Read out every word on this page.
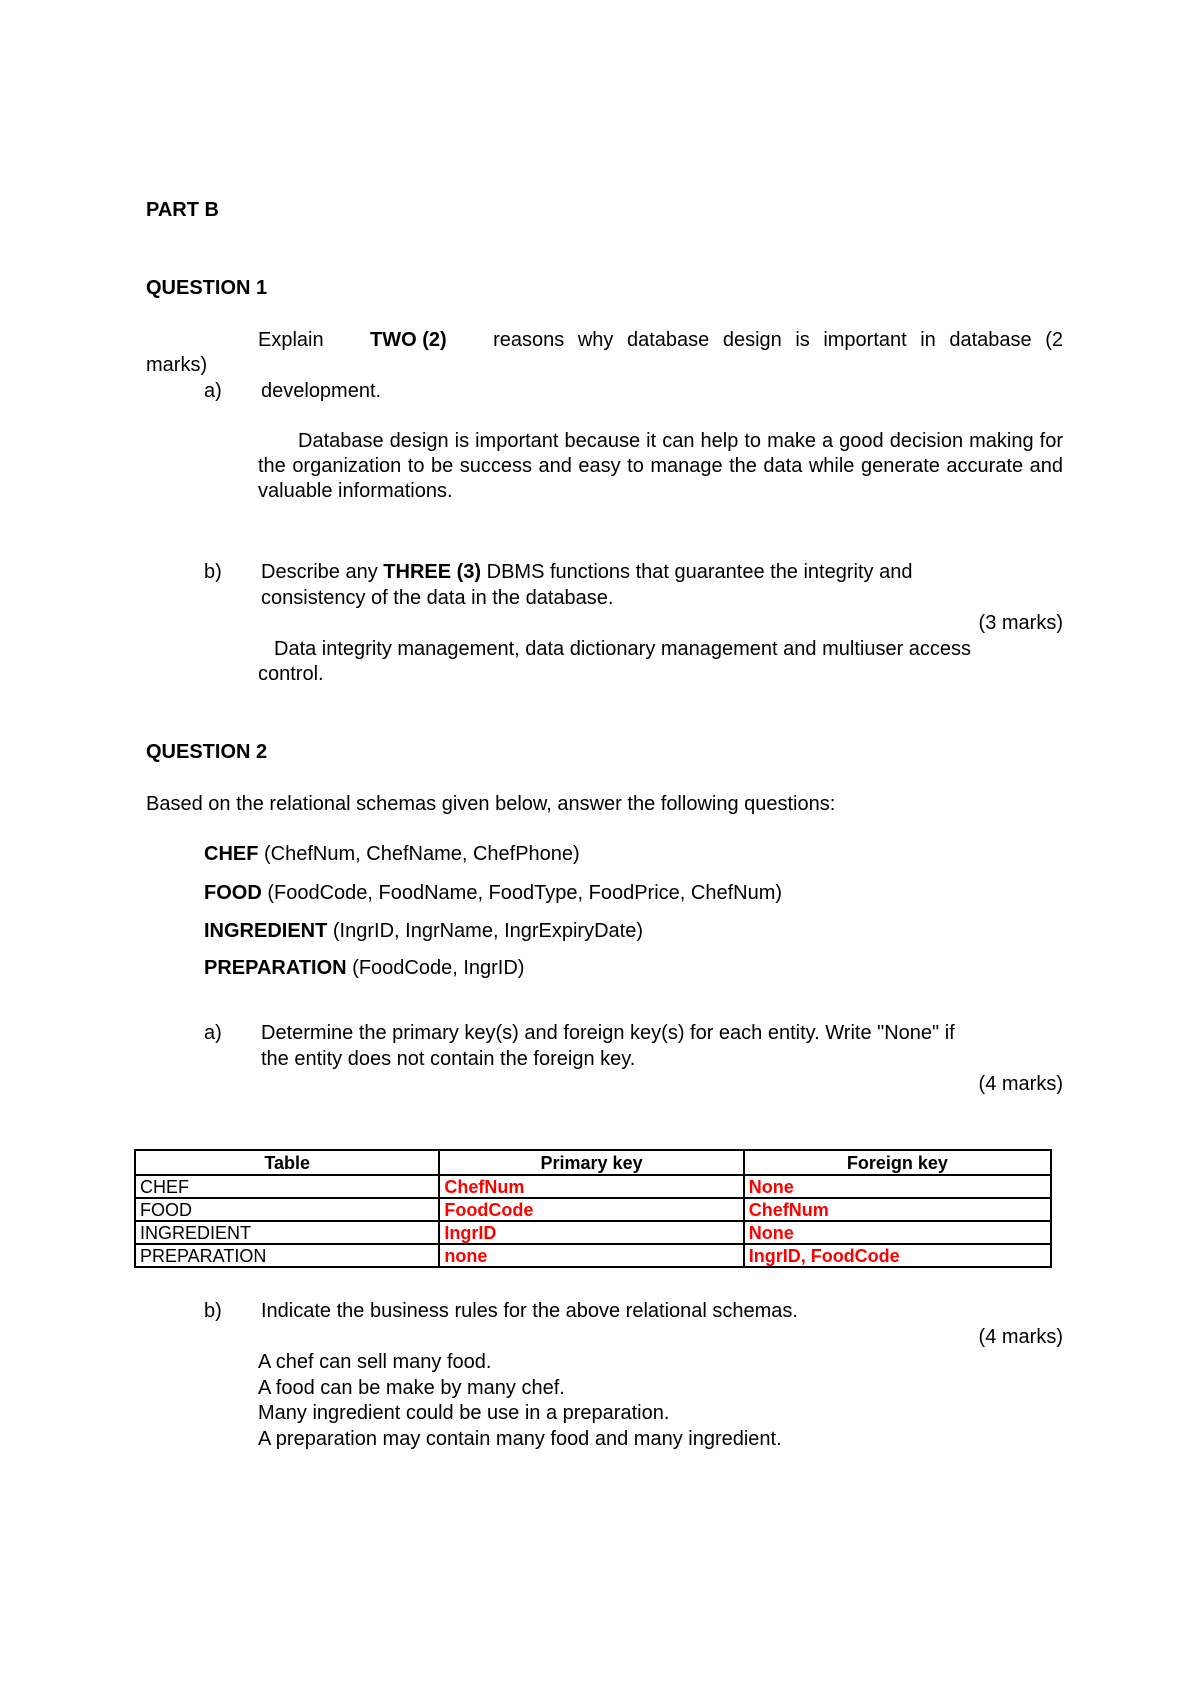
PART B
QUESTION 1
Explain TWO (2) reasons why database design is important in database (2
marks)
a) development.
Database design is important because it can help to make a good decision making for the organization to be success and easy to manage the data while generate accurate and valuable informations.
b) Describe any THREE (3) DBMS functions that guarantee the integrity and
consistency of the data in the database.
(3 marks)
Data integrity management, data dictionary management and multiuser access
control.
QUESTION 2
Based on the relational schemas given below, answer the following questions:
CHEF (ChefNum, ChefName, ChefPhone)
FOOD (FoodCode, FoodName, FoodType, FoodPrice, ChefNum)
INGREDIENT (IngrID, IngrName, IngrExpiryDate)
PREPARATION (FoodCode, IngrID)
a) Determine the primary key(s) and foreign key(s) for each entity. Write "None" if
the entity does not contain the foreign key.
(4 marks)
Table	Primary key	Foreign key
CHEF	ChefNum	None
FOOD	FoodCode	ChefNum
INGREDIENT	IngrID	None
PREPARATION	none	IngrID, FoodCode
b) Indicate the business rules for the above relational schemas.
(4 marks)
A chef can sell many food.
A food can be make by many chef.
Many ingredient could be use in a preparation.
A preparation may contain many food and many ingredient.
